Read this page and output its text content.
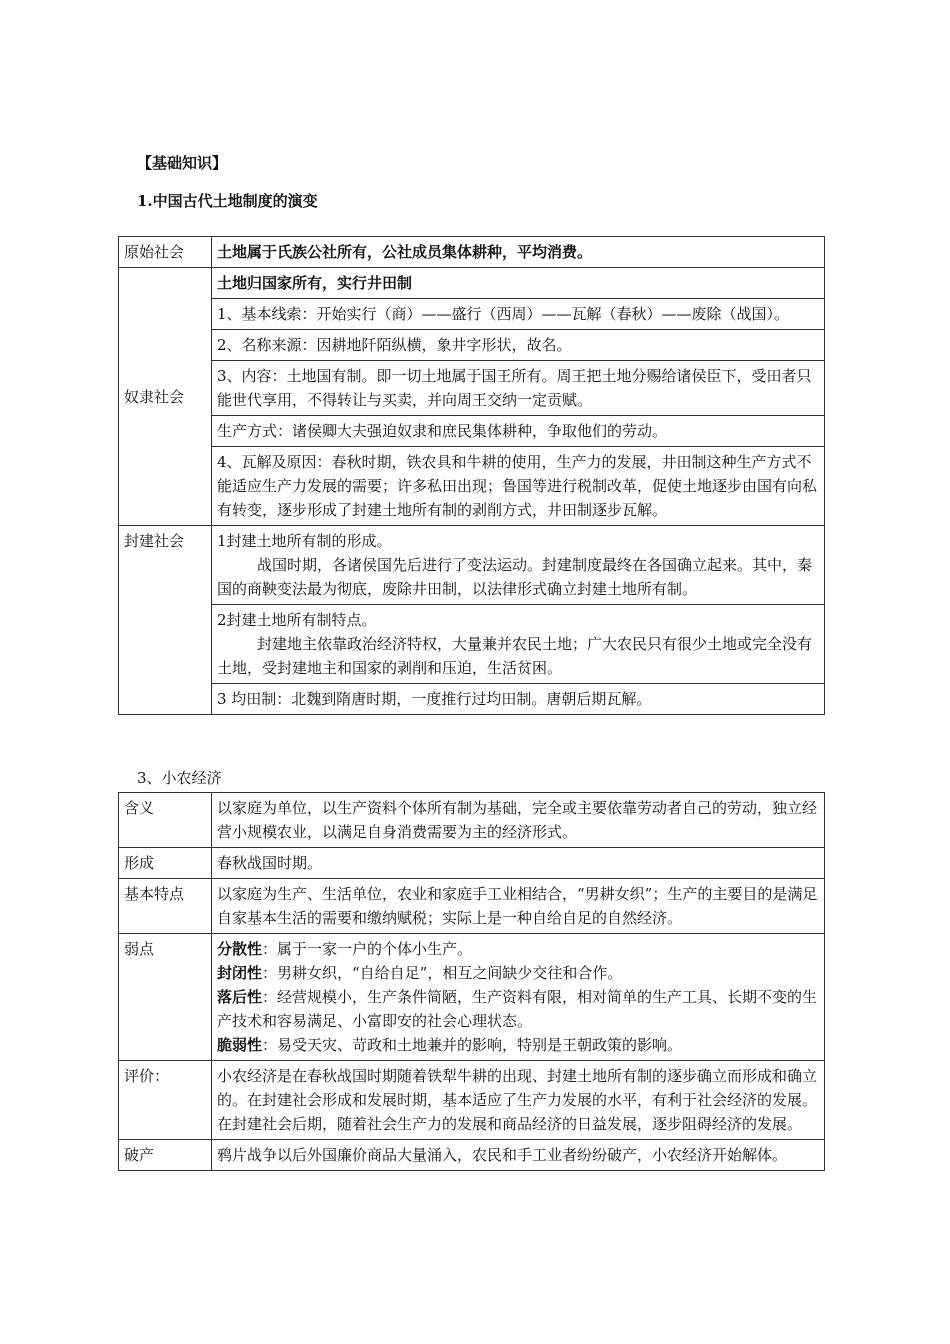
【基础知识】
1.中国古代土地制度的演变
原始社会	土地属于氏族公社所有，公社成员集体耕种，平均消费。
奴隶社会	土地归国家所有，实行井田制
	1、基本线索：开始实行（商）——盛行（西周）——瓦解（春秋）——废除（战国）。
	2、名称来源：因耕地阡陌纵横，象井字形状，故名。
	3、内容：土地国有制。即一切土地属于国王所有。周王把土地分赐给诸侯臣下，受田者只能世代享用，不得转让与买卖，并向周王交纳一定贡赋。
	生产方式：诸侯卿大夫强迫奴隶和庶民集体耕种，争取他们的劳动。
	4、瓦解及原因：春秋时期，铁农具和牛耕的使用，生产力的发展，井田制这种生产方式不能适应生产力发展的需要；许多私田出现；鲁国等进行税制改革，促使土地逐步由国有向私有转变，逐步形成了封建土地所有制的剥削方式，井田制逐步瓦解。
封建社会	1封建土地所有制的形成。

战国时期，各诸侯国先后进行了变法运动。封建制度最终在各国确立起来。其中，秦国的商鞅变法最为彻底，废除井田制，以法律形式确立封建土地所有制。

	2封建土地所有制特点。

封建地主依靠政治经济特权，大量兼并农民土地；广大农民只有很少土地或完全没有土地，受封建地主和国家的剥削和压迫，生活贫困。

	3 均田制：北魏到隋唐时期，一度推行过均田制。唐朝后期瓦解。
3、小农经济
含义	以家庭为单位，以生产资料个体所有制为基础，完全或主要依靠劳动者自己的劳动，独立经营小规模农业，以满足自身消费需要为主的经济形式。
形成	春秋战国时期。
基本特点	以家庭为生产、生活单位，农业和家庭手工业相结合，“男耕女织”；生产的主要目的是满足自家基本生活的需要和缴纳赋税；实际上是一种自给自足的自然经济。
弱点	分散性：属于一家一户的个体小生产。

封闭性：男耕女织，“自给自足”，相互之间缺少交往和合作。

落后性：经营规模小，生产条件简陋，生产资料有限，相对简单的生产工具、长期不变的生产技术和容易满足、小富即安的社会心理状态。

脆弱性：易受天灾、苛政和土地兼并的影响，特别是王朝政策的影响。

评价：	小农经济是在春秋战国时期随着铁犁牛耕的出现、封建土地所有制的逐步确立而形成和确立的。在封建社会形成和发展时期，基本适应了生产力发展的水平，有利于社会经济的发展。在封建社会后期，随着社会生产力的发展和商品经济的日益发展，逐步阻碍经济的发展。
破产	鸦片战争以后外国廉价商品大量涌入，农民和手工业者纷纷破产，小农经济开始解体。
